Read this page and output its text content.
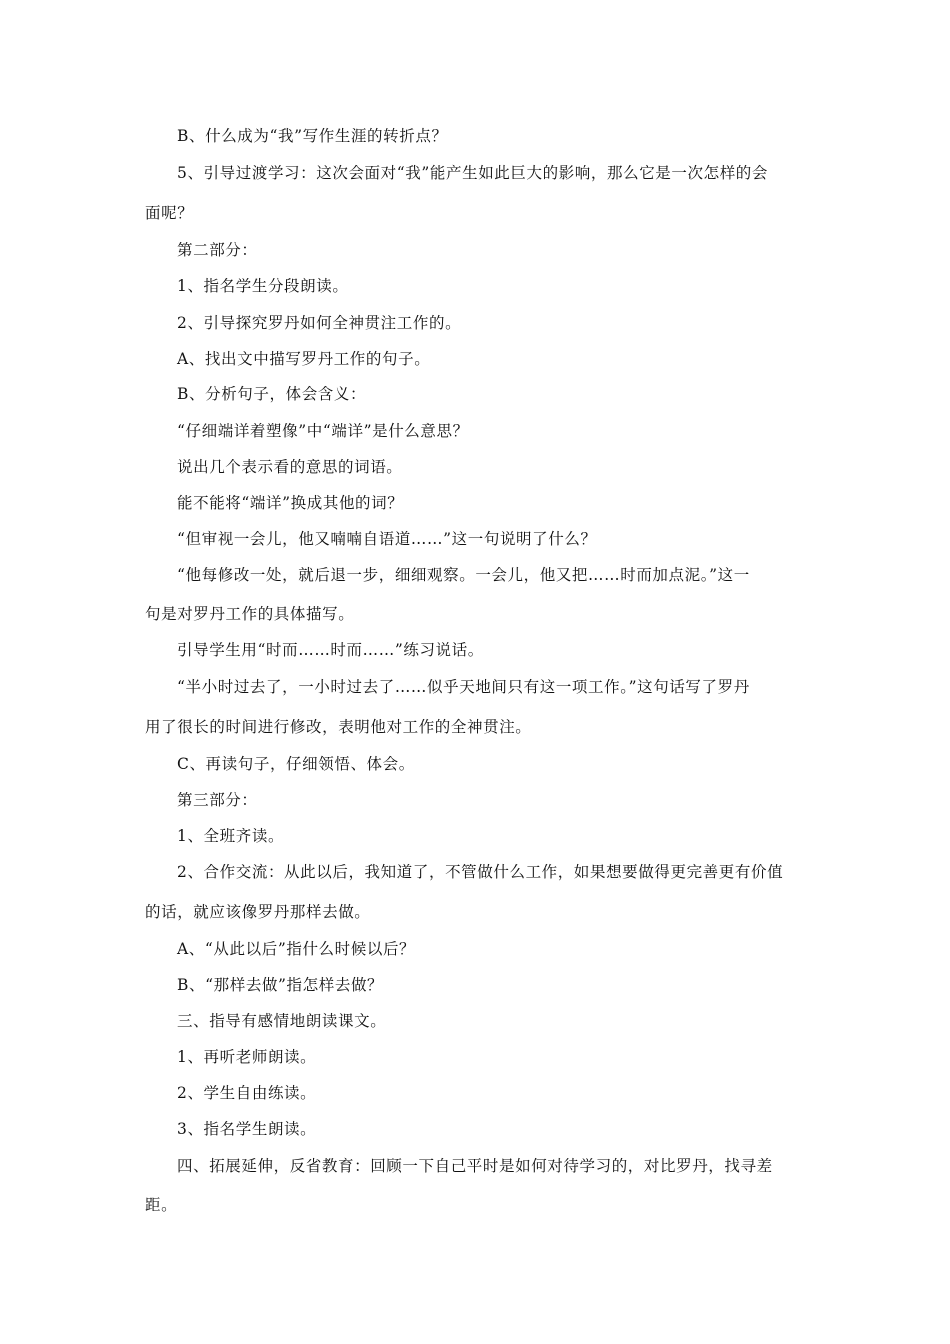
B、什么成为“我”写作生涯的转折点？
5、引导过渡学习：这次会面对“我”能产生如此巨大的影响，那么它是一次怎样的会
面呢？
第二部分：
1、指名学生分段朗读。
2、引导探究罗丹如何全神贯注工作的。
A、找出文中描写罗丹工作的句子。
B、分析句子，体会含义：
“仔细端详着塑像”中“端详”是什么意思？
说出几个表示看的意思的词语。
能不能将“端详”换成其他的词？
“但审视一会儿，他又喃喃自语道……”这一句说明了什么？
“他每修改一处，就后退一步，细细观察。一会儿，他又把……时而加点泥。”这一
句是对罗丹工作的具体描写。
引导学生用“时而……时而……”练习说话。
“半小时过去了，一小时过去了……似乎天地间只有这一项工作。”这句话写了罗丹
用了很长的时间进行修改，表明他对工作的全神贯注。
C、再读句子，仔细领悟、体会。
第三部分：
1、全班齐读。
2、合作交流：从此以后，我知道了，不管做什么工作，如果想要做得更完善更有价值
的话，就应该像罗丹那样去做。
A、“从此以后”指什么时候以后？
B、“那样去做”指怎样去做？
三、指导有感情地朗读课文。
1、再听老师朗读。
2、学生自由练读。
3、指名学生朗读。
四、拓展延伸，反省教育：回顾一下自己平时是如何对待学习的，对比罗丹，找寻差
距。
